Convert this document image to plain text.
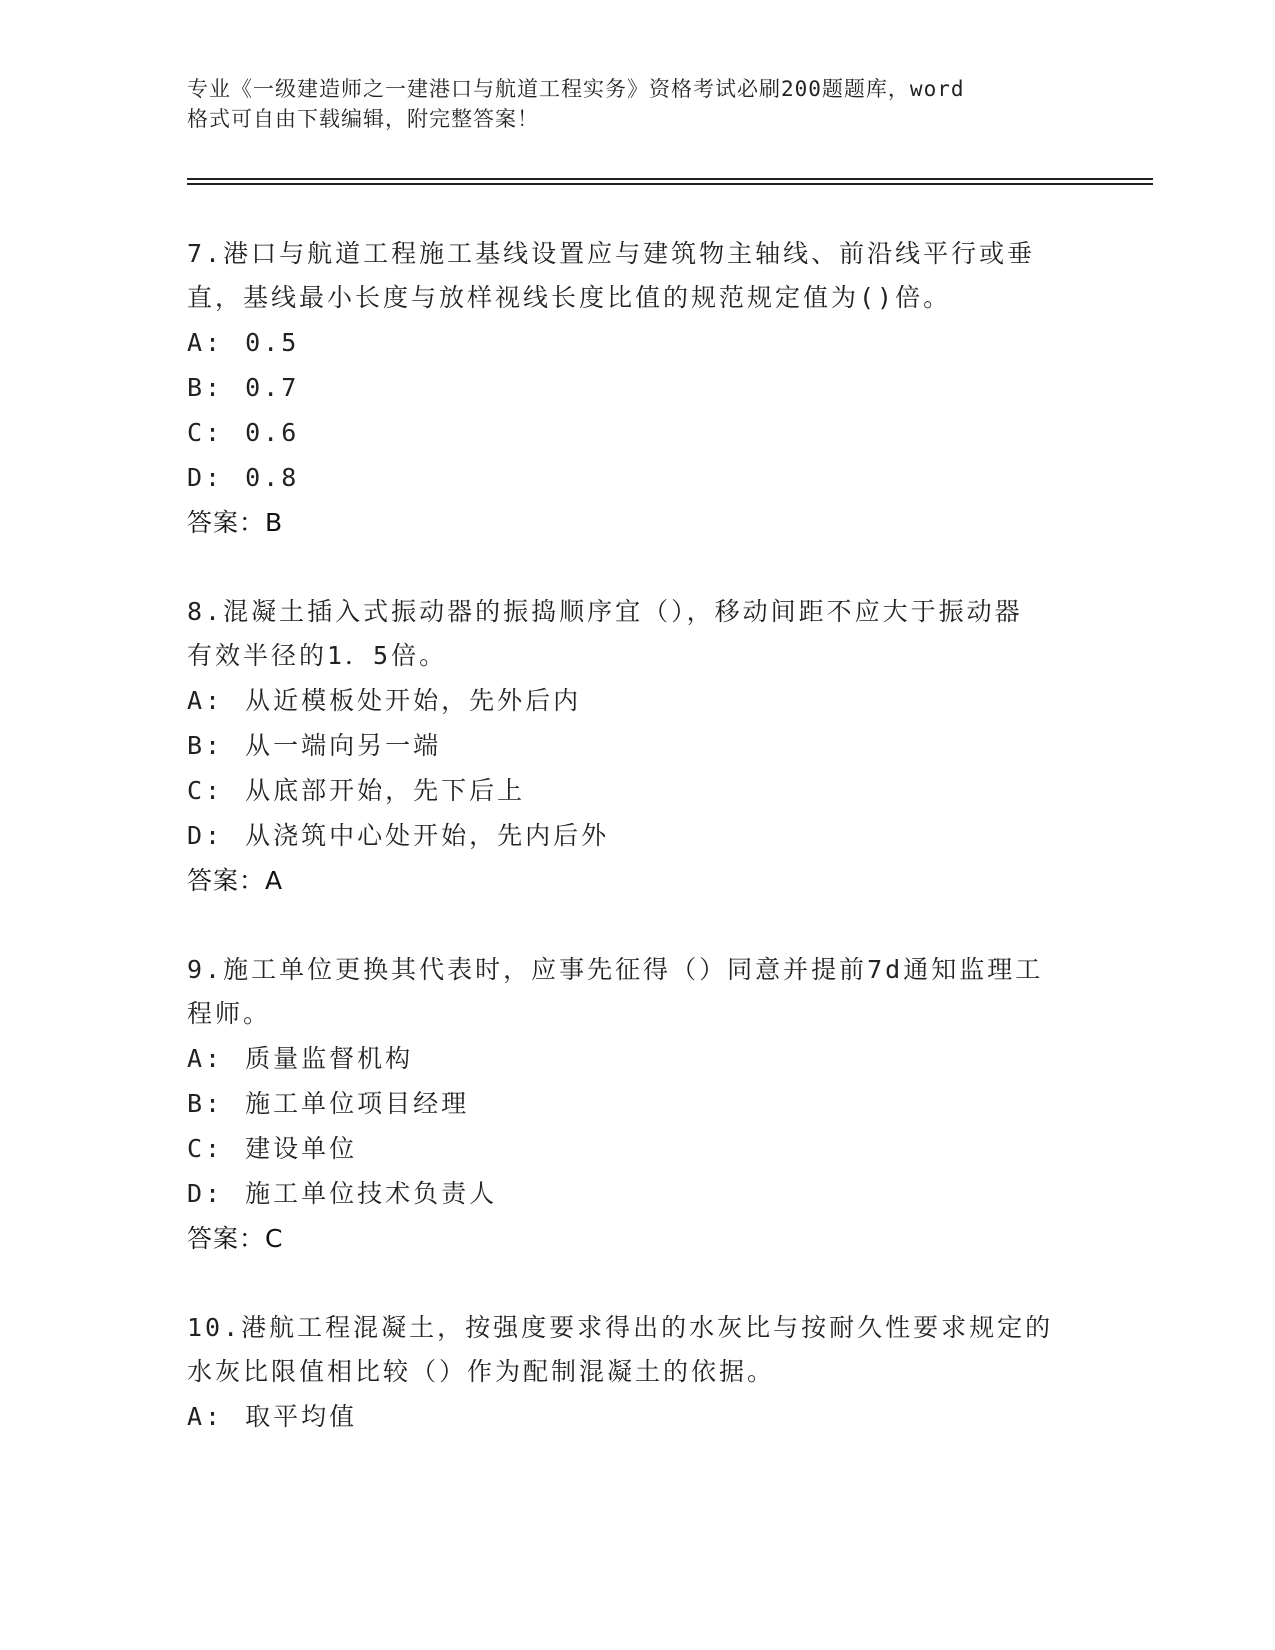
专业《一级建造师之一建港口与航道工程实务》资格考试必刷200题题库，word
格式可自由下载编辑，附完整答案！

7.港口与航道工程施工基线设置应与建筑物主轴线、前沿线平行或垂
直，基线最小长度与放样视线长度比值的规范规定值为()倍。

A: 0.5

B: 0.7

C: 0.6

D: 0.8

答案：B

8.混凝土插入式振动器的振捣顺序宜（），移动间距不应大于振动器
有效半径的1．5倍。

A: 从近模板处开始，先外后内

B: 从一端向另一端

C: 从底部开始，先下后上

D: 从浇筑中心处开始，先内后外

答案：A

9.施工单位更换其代表时，应事先征得（）同意并提前7d通知监理工
程师。

A: 质量监督机构

B: 施工单位项目经理

C: 建设单位

D: 施工单位技术负责人

答案：C

10.港航工程混凝土，按强度要求得出的水灰比与按耐久性要求规定的
水灰比限值相比较（）作为配制混凝土的依据。

A: 取平均值
